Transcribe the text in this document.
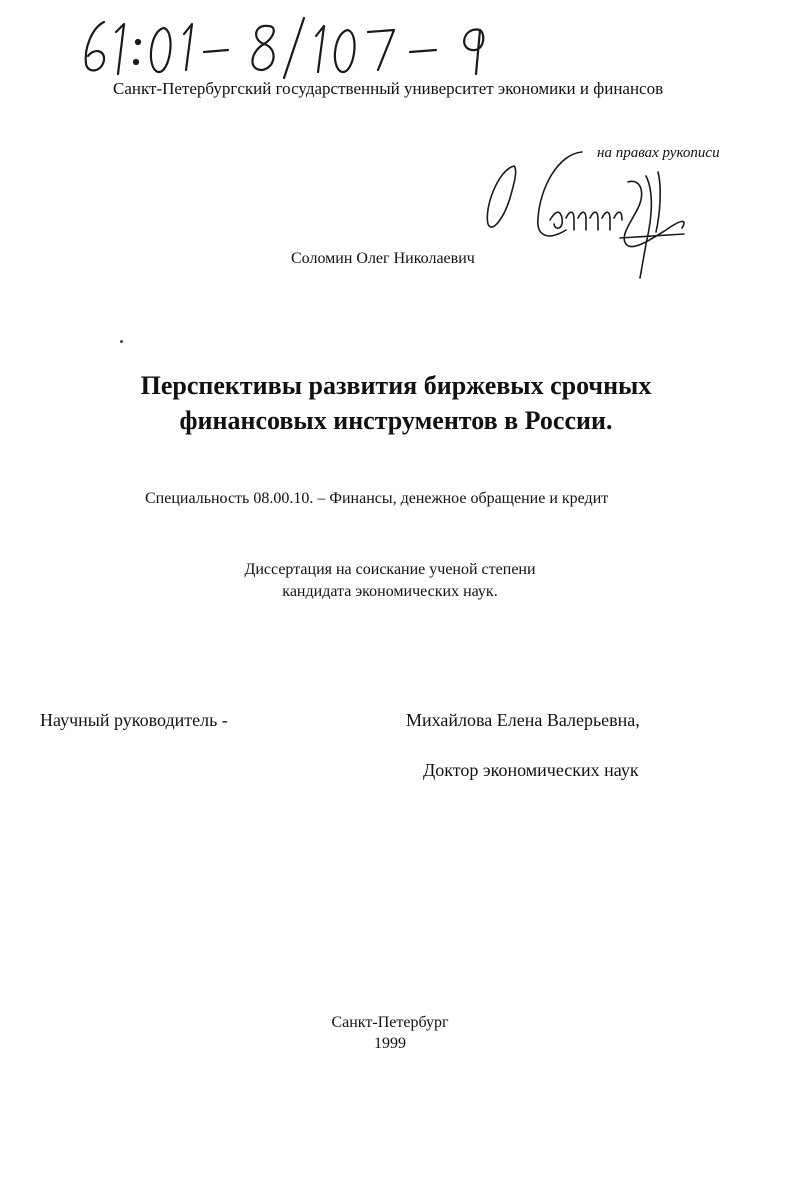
Санкт-Петербургский государственный университет экономики и финансов
на правах рукописи
Соломин Олег Николаевич
Перспективы развития биржевых срочных
финансовых инструментов в России.
Специальность 08.00.10. – Финансы, денежное обращение и кредит
Диссертация на соискание ученой степени
кандидата экономических наук.
Научный руководитель -	Михайлова Елена Валерьевна,
Доктор экономических наук
Санкт-Петербург
1999
